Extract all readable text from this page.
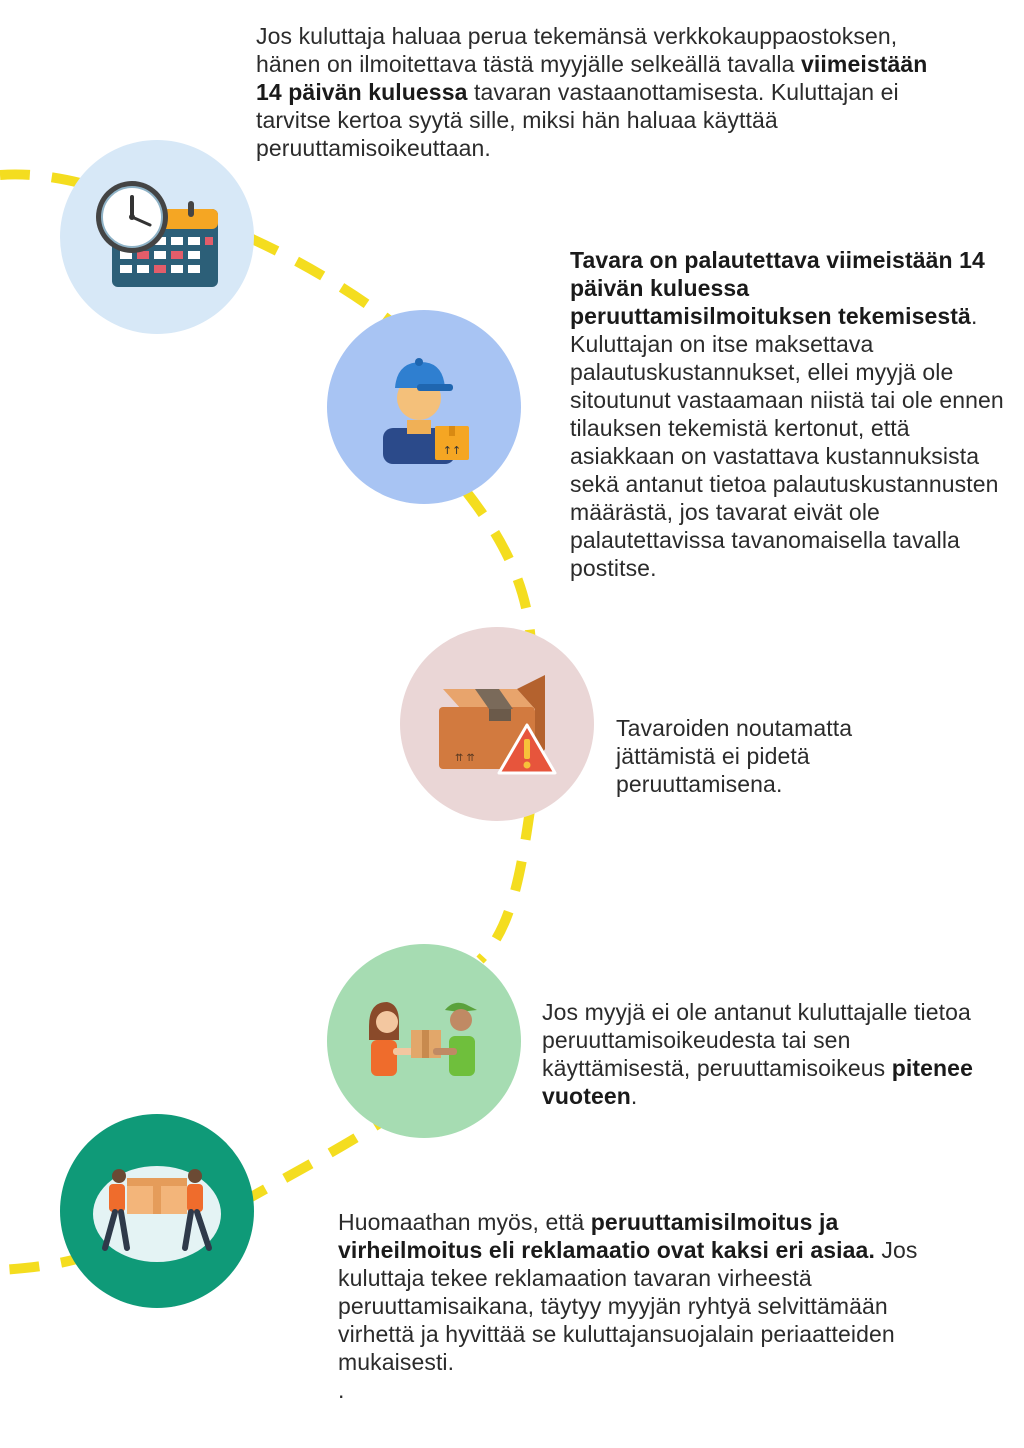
Jos kuluttaja haluaa perua tekemänsä verkkokauppaostoksen, hänen on ilmoitettava tästä myyjälle selkeällä tavalla viimeistään 14 päivän kuluessa tavaran vastaanottamisesta. Kuluttajan ei tarvitse kertoa syytä sille, miksi hän haluaa käyttää peruuttamisoikeuttaan.
↑↑
Tavara on palautettava viimeistään 14 päivän kuluessa peruuttamisilmoituksen tekemisestä. Kuluttajan on itse maksettava palautuskustannukset, ellei myyjä ole sitoutunut vastaamaan niistä tai ole ennen tilauksen tekemistä kertonut, että asiakkaan on vastattava kustannuksista sekä antanut tietoa palautuskustannusten määrästä, jos tavarat eivät ole palautettavissa tavanomaisella tavalla postitse.
⇈ ⇈
Tavaroiden noutamatta jättämistä ei pidetä peruuttamisena.
Jos myyjä ei ole antanut kuluttajalle tietoa peruuttamisoikeudesta tai sen käyttämisestä, peruuttamisoikeus pitenee vuoteen.
Huomaathan myös, että peruuttamisilmoitus ja virheilmoitus eli reklamaatio ovat kaksi eri asiaa. Jos kuluttaja tekee reklamaation tavaran virheestä peruuttamisaikana, täytyy myyjän ryhtyä selvittämään virhettä ja hyvittää se kuluttajansuojalain periaatteiden mukaisesti.
.
